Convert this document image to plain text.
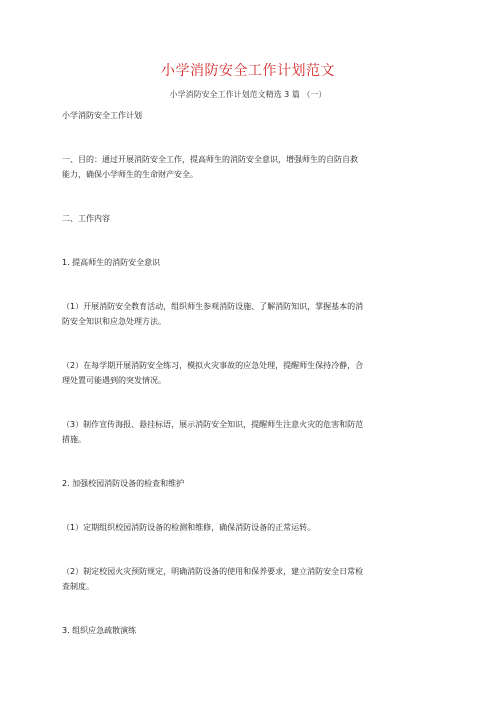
小学消防安全工作计划范文
小学消防安全工作计划范文精选 3 篇 （一）
小学消防安全工作计划
一、目的：通过开展消防安全工作，提高师生的消防安全意识，增强师生的自防自救
能力，确保小学师生的生命财产安全。
二、工作内容
1. 提高师生的消防安全意识
（1）开展消防安全教育活动，组织师生参观消防设施、了解消防知识，掌握基本的消
防安全知识和应急处理方法。
（2）在每学期开展消防安全练习，模拟火灾事故的应急处理，提醒师生保持冷静，合
理处置可能遇到的突发情况。
（3）制作宣传海报、悬挂标语，展示消防安全知识，提醒师生注意火灾的危害和防范
措施。
2. 加强校园消防设备的检查和维护
（1）定期组织校园消防设备的检测和维修，确保消防设备的正常运转。
（2）制定校园火灾预防规定，明确消防设备的使用和保养要求，建立消防安全日常检
查制度。
3. 组织应急疏散演练
